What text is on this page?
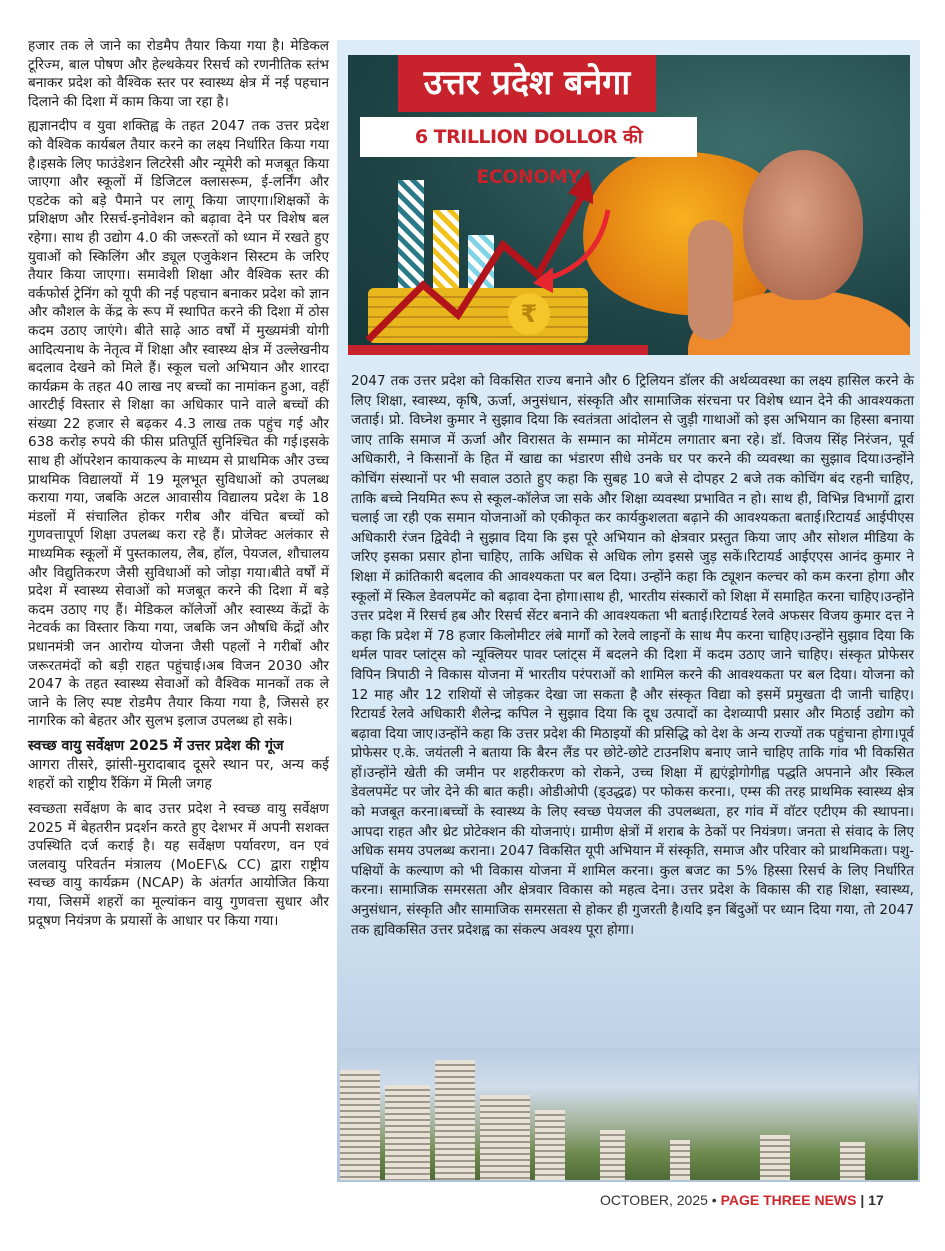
हजार तक ले जाने का रोडमैप तैयार किया गया है। मेडिकल टूरिज्म, बाल पोषण और हेल्थकेयर रिसर्च को रणनीतिक स्तंभ बनाकर प्रदेश को वैश्विक स्तर पर स्वास्थ्य क्षेत्र में नई पहचान दिलाने की दिशा में काम किया जा रहा है।

ह्यज्ञानदीप व युवा शक्तिह्व के तहत 2047 तक उत्तर प्रदेश को वैश्विक कार्यबल तैयार करने का लक्ष्य निर्धारित किया गया है।इसके लिए फाउंडेशन लिटरेसी और न्यूमेरी को मजबूत किया जाएगा और स्कूलों में डिजिटल क्लासरूम, ई-लर्निंग और एडटेक को बड़े पैमाने पर लागू किया जाएगा।शिक्षकों के प्रशिक्षण और रिसर्च-इनोवेशन को बढ़ावा देने पर विशेष बल रहेगा। साथ ही उद्योग 4.0 की जरूरतों को ध्यान में रखते हुए युवाओं को स्किलिंग और ड्यूल एजुकेशन सिस्टम के जरिए तैयार किया जाएगा। समावेशी शिक्षा और वैश्विक स्तर की वर्कफोर्स ट्रेनिंग को यूपी की नई पहचान बनाकर प्रदेश को ज्ञान और कौशल के केंद्र के रूप में स्थापित करने की दिशा में ठोस कदम उठाए जाएंगे। बीते साढ़े आठ वर्षों में मुख्यमंत्री योगी आदित्यनाथ के नेतृत्व में शिक्षा और स्वास्थ्य क्षेत्र में उल्लेखनीय बदलाव देखने को मिले हैं। स्कूल चलो अभियान और शारदा कार्यक्रम के तहत 40 लाख नए बच्चों का नामांकन हुआ, वहीं आरटीई विस्तार से शिक्षा का अधिकार पाने वाले बच्चों की संख्या 22 हजार से बढ़कर 4.3 लाख तक पहुंच गई और 638 करोड़ रुपये की फीस प्रतिपूर्ति सुनिश्चित की गई।इसके साथ ही ऑपरेशन कायाकल्प के माध्यम से प्राथमिक और उच्च प्राथमिक विद्यालयों में 19 मूलभूत सुविधाओं को उपलब्ध कराया गया, जबकि अटल आवासीय विद्यालय प्रदेश के 18 मंडलों में संचालित होकर गरीब और वंचित बच्चों को गुणवत्तापूर्ण शिक्षा उपलब्ध करा रहे हैं। प्रोजेक्ट अलंकार से माध्यमिक स्कूलों में पुस्तकालय, लैब, हॉल, पेयजल, शौचालय और विद्युतिकरण जैसी सुविधाओं को जोड़ा गया।बीते वर्षों में प्रदेश में स्वास्थ्य सेवाओं को मजबूत करने की दिशा में बड़े कदम उठाए गए हैं। मेडिकल कॉलेजों और स्वास्थ्य केंद्रों के नेटवर्क का विस्तार किया गया, जबकि जन औषधि केंद्रों और प्रधानमंत्री जन आरोग्य योजना जैसी पहलों ने गरीबों और जरूरतमंदों को बड़ी राहत पहुंचाई।अब विजन 2030 और 2047 के तहत स्वास्थ्य सेवाओं को वैश्विक मानकों तक ले जाने के लिए स्पष्ट रोडमैप तैयार किया गया है, जिससे हर नागरिक को बेहतर और सुलभ इलाज उपलब्ध हो सके।

स्वच्छ वायु सर्वेक्षण 2025 में उत्तर प्रदेश की गूंज

आगरा तीसरे, झांसी-मुरादाबाद दूसरे स्थान पर, अन्य कई शहरों को राष्ट्रीय रैंकिंग में मिली जगह

स्वच्छता सर्वेक्षण के बाद उत्तर प्रदेश ने स्वच्छ वायु सर्वेक्षण 2025 में बेहतरीन प्रदर्शन करते हुए देशभर में अपनी सशक्त उपस्थिति दर्ज कराई है। यह सर्वेक्षण पर्यावरण, वन एवं जलवायु परिवर्तन मंत्रालय (MoEF\& CC) द्वारा राष्ट्रीय स्वच्छ वायु कार्यक्रम (NCAP) के अंतर्गत आयोजित किया गया, जिसमें शहरों का मूल्यांकन वायु गुणवत्ता सुधार और प्रदूषण नियंत्रण के प्रयासों के आधार पर किया गया।

₹
उत्तर प्रदेश बनेगा
6 TRILLION DOLLOR की ECONOMY

2047 तक उत्तर प्रदेश को विकसित राज्य बनाने और 6 ट्रिलियन डॉलर की अर्थव्यवस्था का लक्ष्य हासिल करने के लिए शिक्षा, स्वास्थ्य, कृषि, ऊर्जा, अनुसंधान, संस्कृति और सामाजिक संरचना पर विशेष ध्यान देने की आवश्यकता जताई। प्रो. विघ्नेश कुमार ने सुझाव दिया कि स्वतंत्रता आंदोलन से जुड़ी गाथाओं को इस अभियान का हिस्सा बनाया जाए ताकि समाज में ऊर्जा और विरासत के सम्मान का मोमेंटम लगातार बना रहे। डॉ. विजय सिंह निरंजन, पूर्व अधिकारी, ने किसानों के हित में खाद्य का भंडारण सीधे उनके घर पर करने की व्यवस्था का सुझाव दिया।उन्होंने कोचिंग संस्थानों पर भी सवाल उठाते हुए कहा कि सुबह 10 बजे से दोपहर 2 बजे तक कोचिंग बंद रहनी चाहिए, ताकि बच्चे नियमित रूप से स्कूल-कॉलेज जा सके और शिक्षा व्यवस्था प्रभावित न हो। साथ ही, विभिन्न विभागों द्वारा चलाई जा रही एक समान योजनाओं को एकीकृत कर कार्यकुशलता बढ़ाने की आवश्यकता बताई।रिटायर्ड आईपीएस अधिकारी रंजन द्विवेदी ने सुझाव दिया कि इस पूरे अभियान को क्षेत्रवार प्रस्तुत किया जाए और सोशल मीडिया के जरिए इसका प्रसार होना चाहिए, ताकि अधिक से अधिक लोग इससे जुड़ सकें।रिटायर्ड आईएएस आनंद कुमार ने शिक्षा में क्रांतिकारी बदलाव की आवश्यकता पर बल दिया। उन्होंने कहा कि ट्यूशन कल्चर को कम करना होगा और स्कूलों में स्किल डेवलपमेंट को बढ़ावा देना होगा।साथ ही, भारतीय संस्कारों को शिक्षा में समाहित करना चाहिए।उन्होंने उत्तर प्रदेश में रिसर्च हब और रिसर्च सेंटर बनाने की आवश्यकता भी बताई।रिटायर्ड रेलवे अफसर विजय कुमार दत्त ने कहा कि प्रदेश में 78 हजार किलोमीटर लंबे मार्गों को रेलवे लाइनों के साथ मैप करना चाहिए।उन्होंने सुझाव दिया कि थर्मल पावर प्लांट्स को न्यूक्लियर पावर प्लांट्स में बदलने की दिशा में कदम उठाए जाने चाहिए। संस्कृत प्रोफेसर विपिन त्रिपाठी ने विकास योजना में भारतीय परंपराओं को शामिल करने की आवश्यकता पर बल दिया। योजना को 12 माह और 12 राशियों से जोड़कर देखा जा सकता है और संस्कृत विद्या को इसमें प्रमुखता दी जानी चाहिए।रिटायर्ड रेलवे अधिकारी शैलेन्द्र कपिल ने सुझाव दिया कि दूध उत्पादों का देशव्यापी प्रसार और मिठाई उद्योग को बढ़ावा दिया जाए।उन्होंने कहा कि उत्तर प्रदेश की मिठाइयों की प्रसिद्धि को देश के अन्य राज्यों तक पहुंचाना होगा।पूर्व प्रोफेसर ए.के. जयंतली ने बताया कि बैरन लैंड पर छोटे-छोटे टाउनशिप बनाए जाने चाहिए ताकि गांव भी विकसित हों।उन्होंने खेती की जमीन पर शहरीकरण को रोकने, उच्च शिक्षा में ह्यएंड्रोगोगीह्व पद्धति अपनाने और स्किल डेवलपमेंट पर जोर देने की बात कही। ओडीओपी (ड्उद्धढ) पर फोकस करना।, एम्स की तरह प्राथमिक स्वास्थ्य क्षेत्र को मजबूत करना।बच्चों के स्वास्थ्य के लिए स्वच्छ पेयजल की उपलब्धता, हर गांव में वॉटर एटीएम की स्थापना। आपदा राहत और थ्रेट प्रोटेक्शन की योजनाएं। ग्रामीण क्षेत्रों में शराब के ठेकों पर नियंत्रण। जनता से संवाद के लिए अधिक समय उपलब्ध कराना। 2047 विकसित यूपी अभियान में संस्कृति, समाज और परिवार को प्राथमिकता। पशु-पक्षियों के कल्याण को भी विकास योजना में शामिल करना। कुल बजट का 5% हिस्सा रिसर्च के लिए निर्धारित करना। सामाजिक समरसता और क्षेत्रवार विकास को महत्व देना। उत्तर प्रदेश के विकास की राह शिक्षा, स्वास्थ्य, अनुसंधान, संस्कृति और सामाजिक समरसता से होकर ही गुजरती है।यदि इन बिंदुओं पर ध्यान दिया गया, तो 2047 तक ह्यविकसित उत्तर प्रदेशह्व का संकल्प अवश्य पूरा होगा।

OCTOBER, 2025 • PAGE THREE NEWS | 17
